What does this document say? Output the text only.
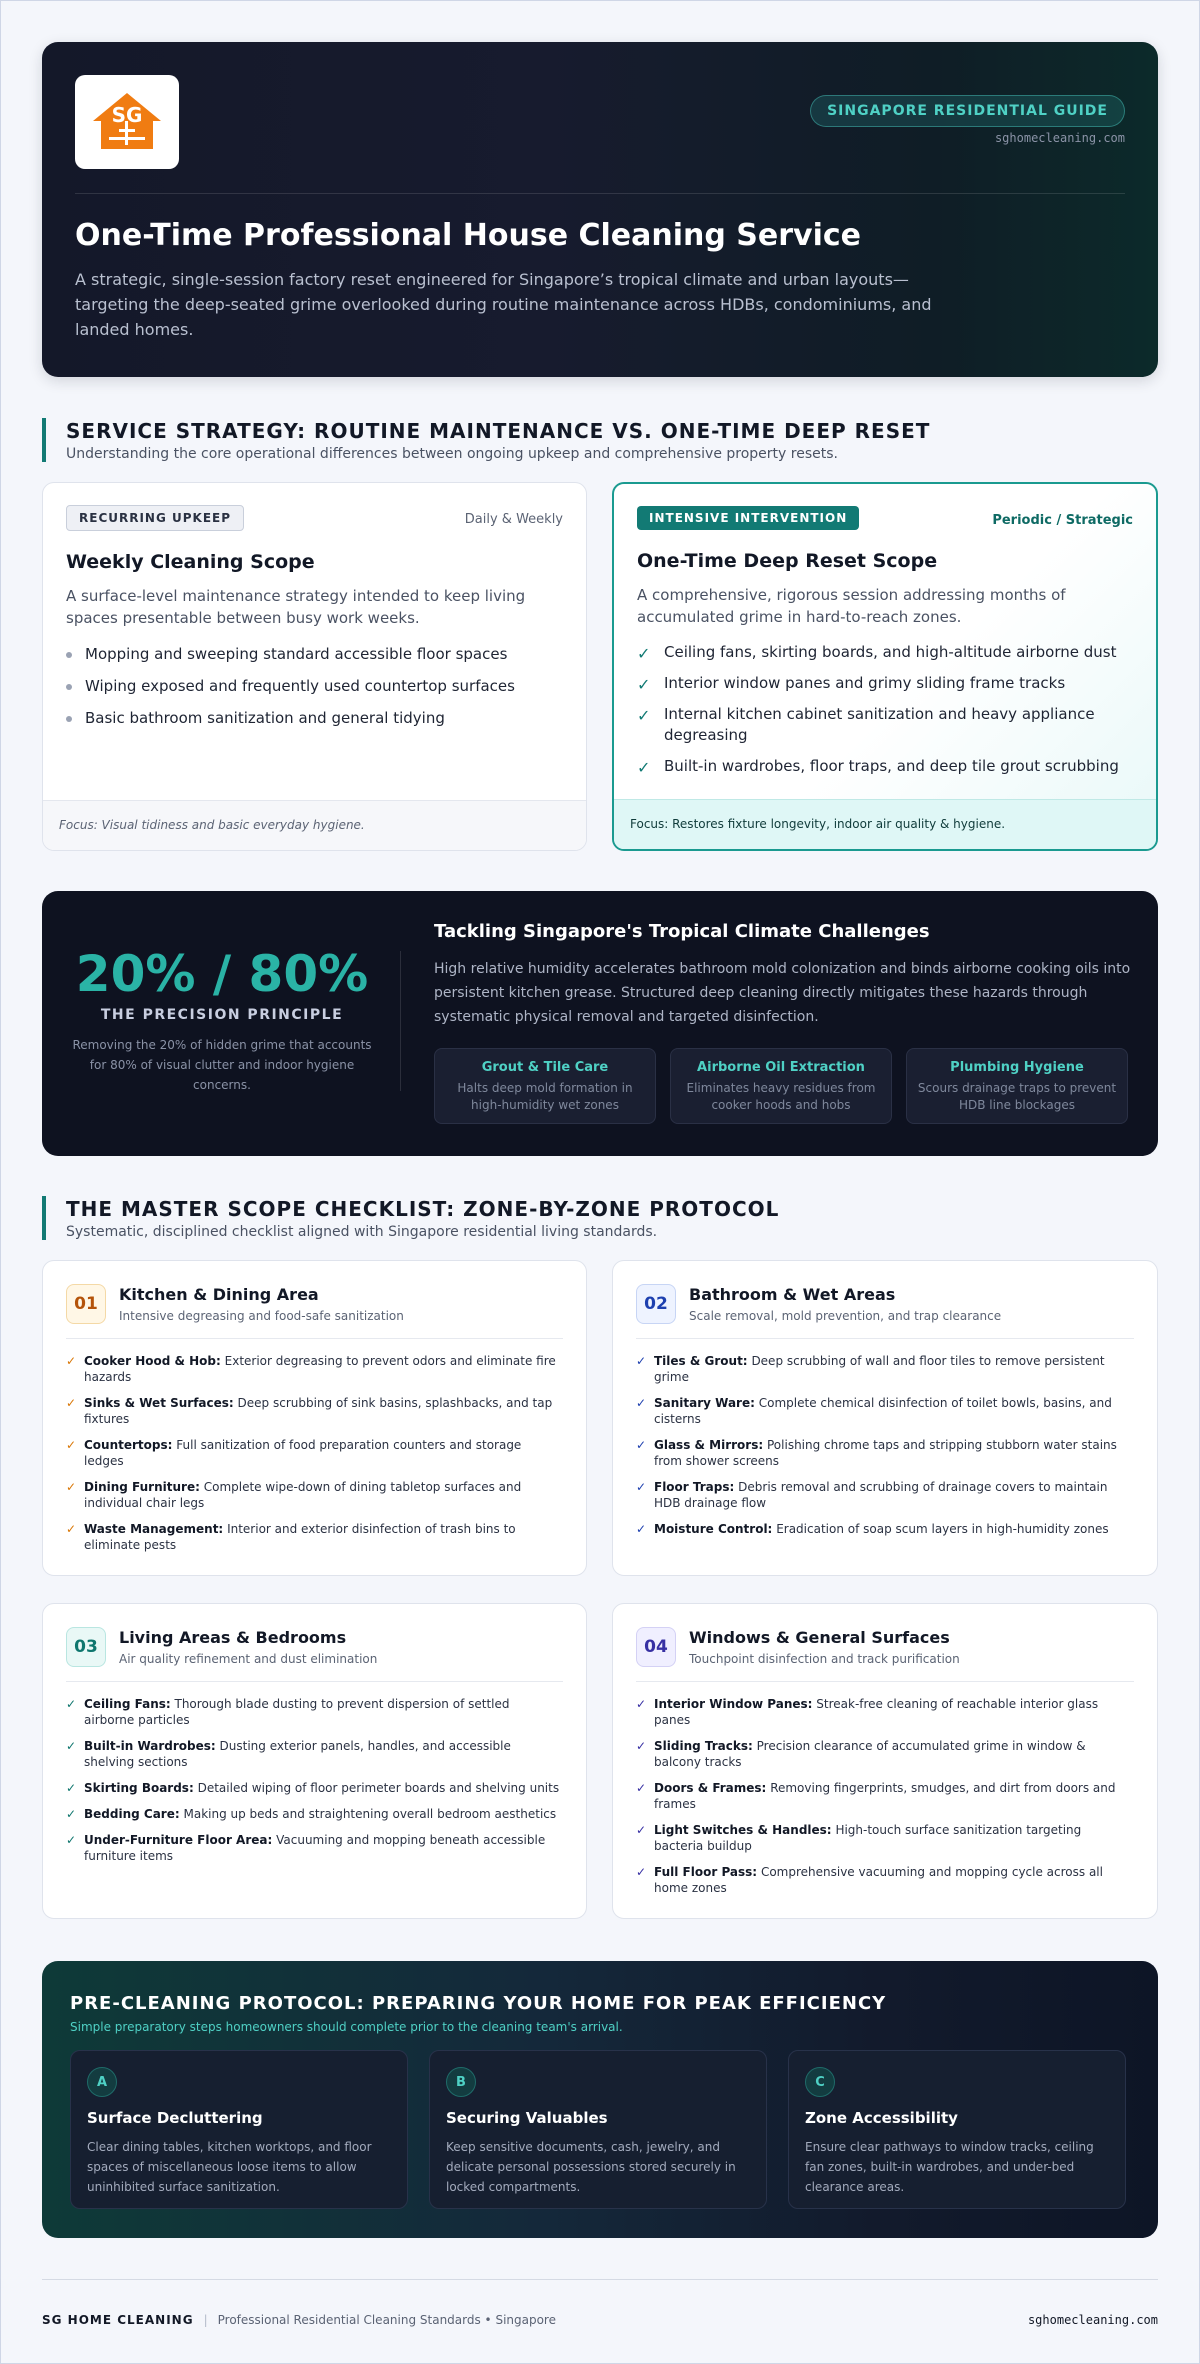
SG	SINGAPORE RESIDENTIAL GUIDE
sghomecleaning.com
One-Time Professional House Cleaning Service

A strategic, single-session factory reset engineered for Singapore’s tropical climate and urban layouts—targeting the deep-seated grime overlooked during routine maintenance across HDBs, condominiums, and landed homes.

SERVICE STRATEGY: ROUTINE MAINTENANCE VS. ONE-TIME DEEP RESET
Understanding the core operational differences between ongoing upkeep and comprehensive property resets.
RECURRING UPKEEP	Daily & Weekly
Weekly Cleaning Scope
A surface-level maintenance strategy intended to keep living spaces presentable between busy work weeks.
Mopping and sweeping standard accessible floor spaces
Wiping exposed and frequently used countertop surfaces
Basic bathroom sanitization and general tidying
Focus: Visual tidiness and basic everyday hygiene.
INTENSIVE INTERVENTION	Periodic / Strategic
One-Time Deep Reset Scope
A comprehensive, rigorous session addressing months of accumulated grime in hard-to-reach zones.
✓ Ceiling fans, skirting boards, and high-altitude airborne dust
✓ Interior window panes and grimy sliding frame tracks
✓ Internal kitchen cabinet sanitization and heavy appliance degreasing
✓ Built-in wardrobes, floor traps, and deep tile grout scrubbing
Focus: Restores fixture longevity, indoor air quality & hygiene.
20% / 80%
THE PRECISION PRINCIPLE
Removing the 20% of hidden grime that accounts for 80% of visual clutter and indoor hygiene concerns.
Tackling Singapore's Tropical Climate Challenges
High relative humidity accelerates bathroom mold colonization and binds airborne cooking oils into persistent kitchen grease. Structured deep cleaning directly mitigates these hazards through systematic physical removal and targeted disinfection.
Grout & Tile Care
Halts deep mold formation in high-humidity wet zones
Airborne Oil Extraction
Eliminates heavy residues from cooker hoods and hobs
Plumbing Hygiene
Scours drainage traps to prevent HDB line blockages
THE MASTER SCOPE CHECKLIST: ZONE-BY-ZONE PROTOCOL
Systematic, disciplined checklist aligned with Singapore residential living standards.
01	Kitchen & Dining Area
Intensive degreasing and food-safe sanitization
✓ Cooker Hood & Hob: Exterior degreasing to prevent odors and eliminate fire hazards
✓ Sinks & Wet Surfaces: Deep scrubbing of sink basins, splashbacks, and tap fixtures
✓ Countertops: Full sanitization of food preparation counters and storage ledges
✓ Dining Furniture: Complete wipe-down of dining tabletop surfaces and individual chair legs
✓ Waste Management: Interior and exterior disinfection of trash bins to eliminate pests
02	Bathroom & Wet Areas
Scale removal, mold prevention, and trap clearance
✓ Tiles & Grout: Deep scrubbing of wall and floor tiles to remove persistent grime
✓ Sanitary Ware: Complete chemical disinfection of toilet bowls, basins, and cisterns
✓ Glass & Mirrors: Polishing chrome taps and stripping stubborn water stains from shower screens
✓ Floor Traps: Debris removal and scrubbing of drainage covers to maintain HDB drainage flow
✓ Moisture Control: Eradication of soap scum layers in high-humidity zones
03	Living Areas & Bedrooms
Air quality refinement and dust elimination
✓ Ceiling Fans: Thorough blade dusting to prevent dispersion of settled airborne particles
✓ Built-in Wardrobes: Dusting exterior panels, handles, and accessible shelving sections
✓ Skirting Boards: Detailed wiping of floor perimeter boards and shelving units
✓ Bedding Care: Making up beds and straightening overall bedroom aesthetics
✓ Under-Furniture Floor Area: Vacuuming and mopping beneath accessible furniture items
04	Windows & General Surfaces
Touchpoint disinfection and track purification
✓ Interior Window Panes: Streak-free cleaning of reachable interior glass panes
✓ Sliding Tracks: Precision clearance of accumulated grime in window & balcony tracks
✓ Doors & Frames: Removing fingerprints, smudges, and dirt from doors and frames
✓ Light Switches & Handles: High-touch surface sanitization targeting bacteria buildup
✓ Full Floor Pass: Comprehensive vacuuming and mopping cycle across all home zones
PRE-CLEANING PROTOCOL: PREPARING YOUR HOME FOR PEAK EFFICIENCY
Simple preparatory steps homeowners should complete prior to the cleaning team's arrival.
A
Surface Decluttering
Clear dining tables, kitchen worktops, and floor spaces of miscellaneous loose items to allow uninhibited surface sanitization.
B
Securing Valuables
Keep sensitive documents, cash, jewelry, and delicate personal possessions stored securely in locked compartments.
C
Zone Accessibility
Ensure clear pathways to window tracks, ceiling fan zones, built-in wardrobes, and under-bed clearance areas.
SG HOME CLEANING | Professional Residential Cleaning Standards • Singapore	sghomecleaning.com
